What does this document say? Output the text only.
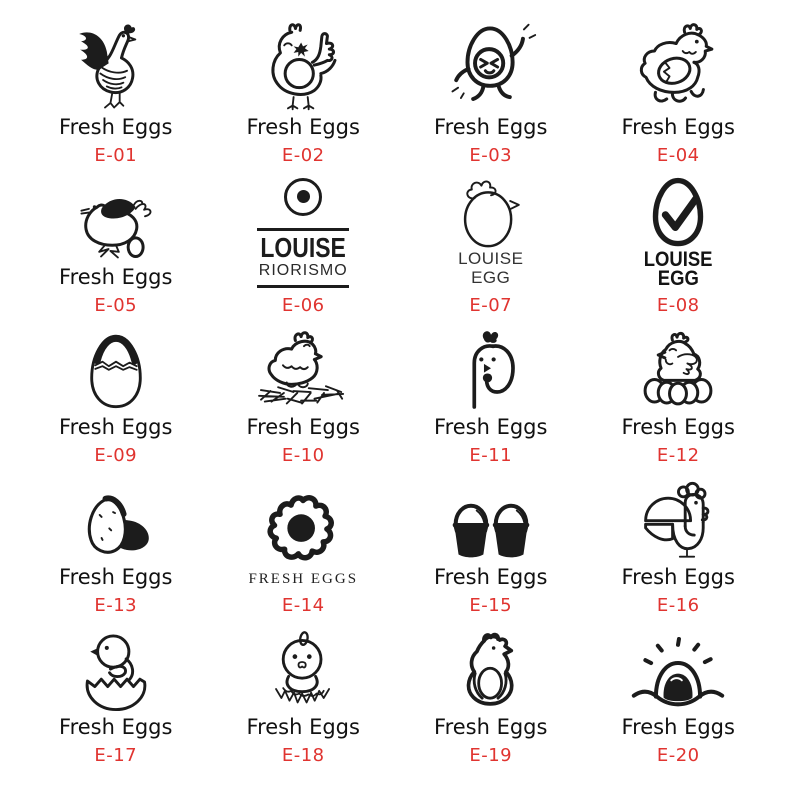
Fresh Eggs
E-01
Fresh Eggs
E-02
Fresh Eggs
E-03
Fresh Eggs
E-04
Fresh Eggs
E-05
LOUISE
RIORISMO
E-06
LOUISE
EGG
E-07
LOUISE
EGG
E-08
Fresh Eggs
E-09
Fresh Eggs
E-10
Fresh Eggs
E-11
Fresh Eggs
E-12
Fresh Eggs
E-13
FRESH EGGS
E-14
Fresh Eggs
E-15
Fresh Eggs
E-16
Fresh Eggs
E-17
Fresh Eggs
E-18
Fresh Eggs
E-19
Fresh Eggs
E-20
